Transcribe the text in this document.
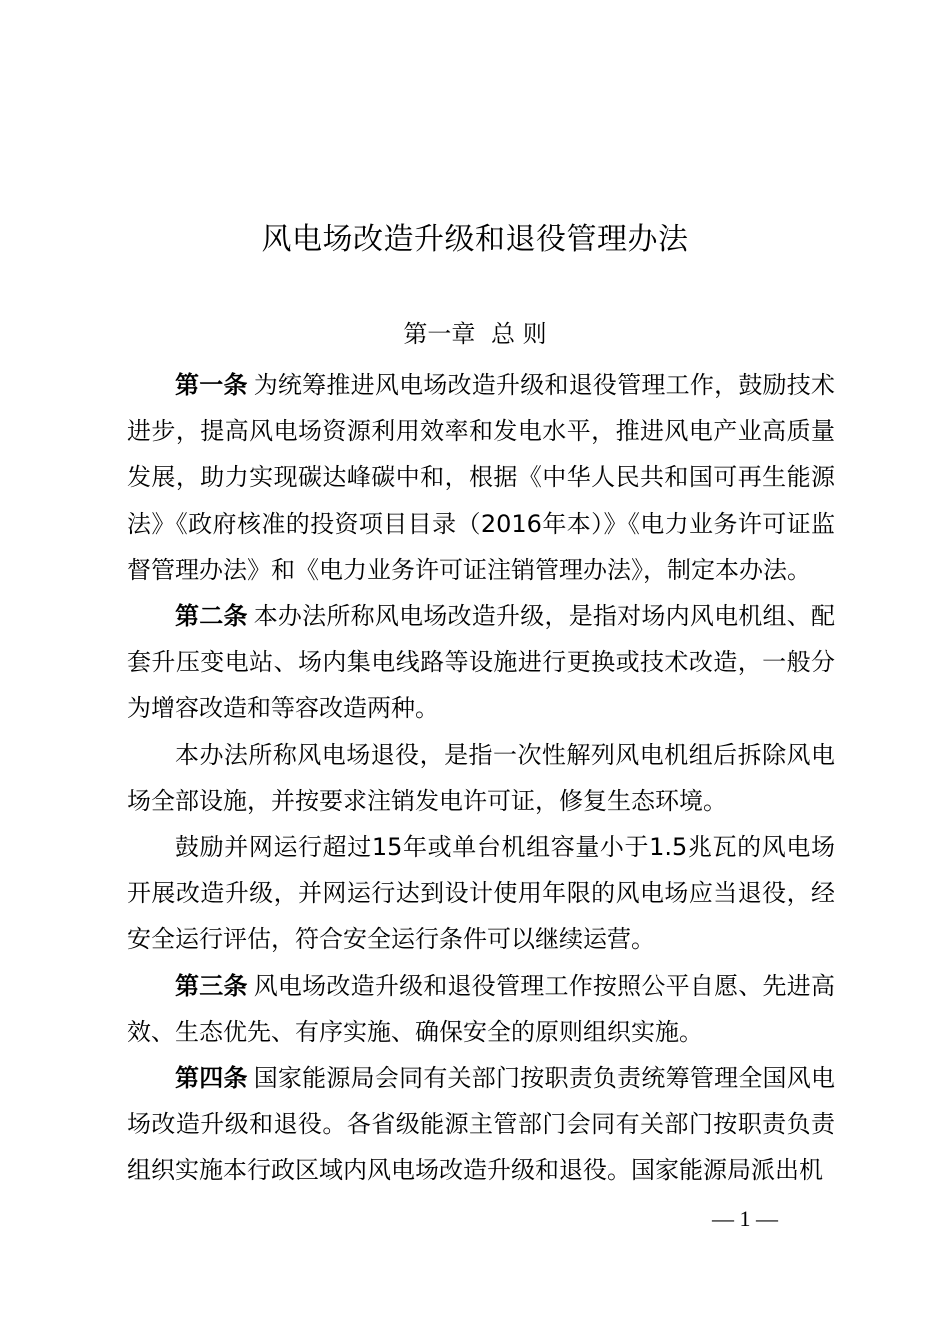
风电场改造升级和退役管理办法
第一章 总 则

第一条 为统筹推进风电场改造升级和退役管理工作，鼓励技术进步，提高风电场资源利用效率和发电水平，推进风电产业高质量发展，助力实现碳达峰碳中和，根据《中华人民共和国可再生能源法》《政府核准的投资项目目录（2016年本）》《电力业务许可证监督管理办法》和《电力业务许可证注销管理办法》，制定本办法。

第二条 本办法所称风电场改造升级，是指对场内风电机组、配套升压变电站、场内集电线路等设施进行更换或技术改造，一般分为增容改造和等容改造两种。

本办法所称风电场退役，是指一次性解列风电机组后拆除风电场全部设施，并按要求注销发电许可证，修复生态环境。

鼓励并网运行超过15年或单台机组容量小于1.5兆瓦的风电场开展改造升级，并网运行达到设计使用年限的风电场应当退役，经安全运行评估，符合安全运行条件可以继续运营。

第三条 风电场改造升级和退役管理工作按照公平自愿、先进高效、生态优先、有序实施、确保安全的原则组织实施。

第四条 国家能源局会同有关部门按职责负责统筹管理全国风电场改造升级和退役。各省级能源主管部门会同有关部门按职责负责组织实施本行政区域内风电场改造升级和退役。国家能源局派出机

— 1 —
